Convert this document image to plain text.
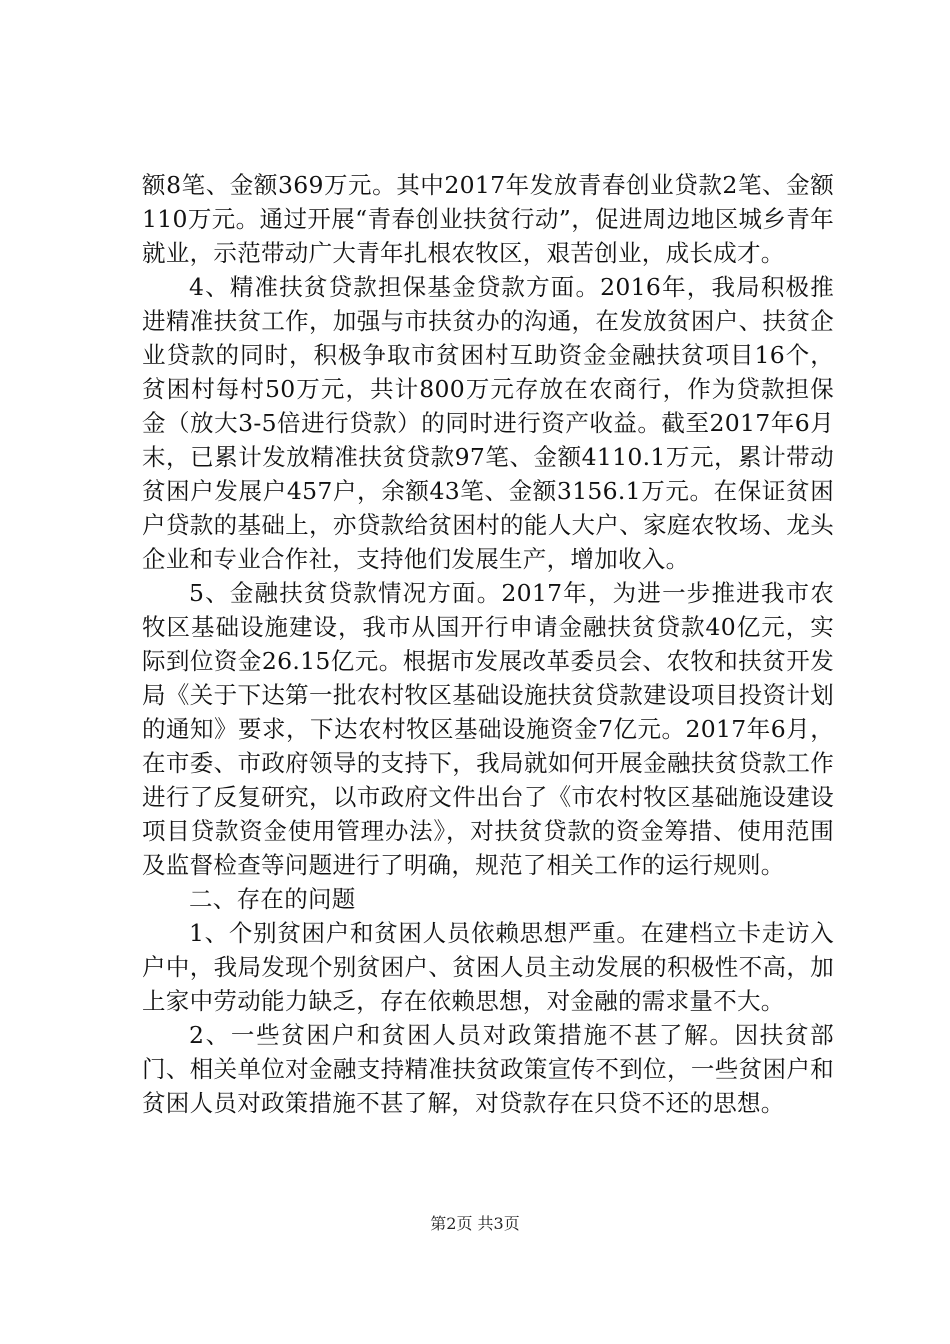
额8笔、金额369万元。其中2017年发放青春创业贷款2笔、金额110万元。通过开展“青春创业扶贫行动”，促进周边地区城乡青年就业，示范带动广大青年扎根农牧区，艰苦创业，成长成才。

4、精准扶贫贷款担保基金贷款方面。2016年，我局积极推进精准扶贫工作，加强与市扶贫办的沟通，在发放贫困户、扶贫企业贷款的同时，积极争取市贫困村互助资金金融扶贫项目16个，贫困村每村50万元，共计800万元存放在农商行，作为贷款担保金（放大3-5倍进行贷款）的同时进行资产收益。截至2017年6月末，已累计发放精准扶贫贷款97笔、金额4110.1万元，累计带动贫困户发展户457户，余额43笔、金额3156.1万元。在保证贫困户贷款的基础上，亦贷款给贫困村的能人大户、家庭农牧场、龙头企业和专业合作社，支持他们发展生产，增加收入。

5、金融扶贫贷款情况方面。2017年，为进一步推进我市农牧区基础设施建设，我市从国开行申请金融扶贫贷款40亿元，实际到位资金26.15亿元。根据市发展改革委员会、农牧和扶贫开发局《关于下达第一批农村牧区基础设施扶贫贷款建设项目投资计划的通知》要求，下达农村牧区基础设施资金7亿元。2017年6月，在市委、市政府领导的支持下，我局就如何开展金融扶贫贷款工作进行了反复研究，以市政府文件出台了《市农村牧区基础施设建设项目贷款资金使用管理办法》，对扶贫贷款的资金筹措、使用范围及监督检查等问题进行了明确，规范了相关工作的运行规则。

二、存在的问题

1、个别贫困户和贫困人员依赖思想严重。在建档立卡走访入户中，我局发现个别贫困户、贫困人员主动发展的积极性不高，加上家中劳动能力缺乏，存在依赖思想，对金融的需求量不大。

2、一些贫困户和贫困人员对政策措施不甚了解。因扶贫部门、相关单位对金融支持精准扶贫政策宣传不到位，一些贫困户和贫困人员对政策措施不甚了解，对贷款存在只贷不还的思想。

第2页 共3页
